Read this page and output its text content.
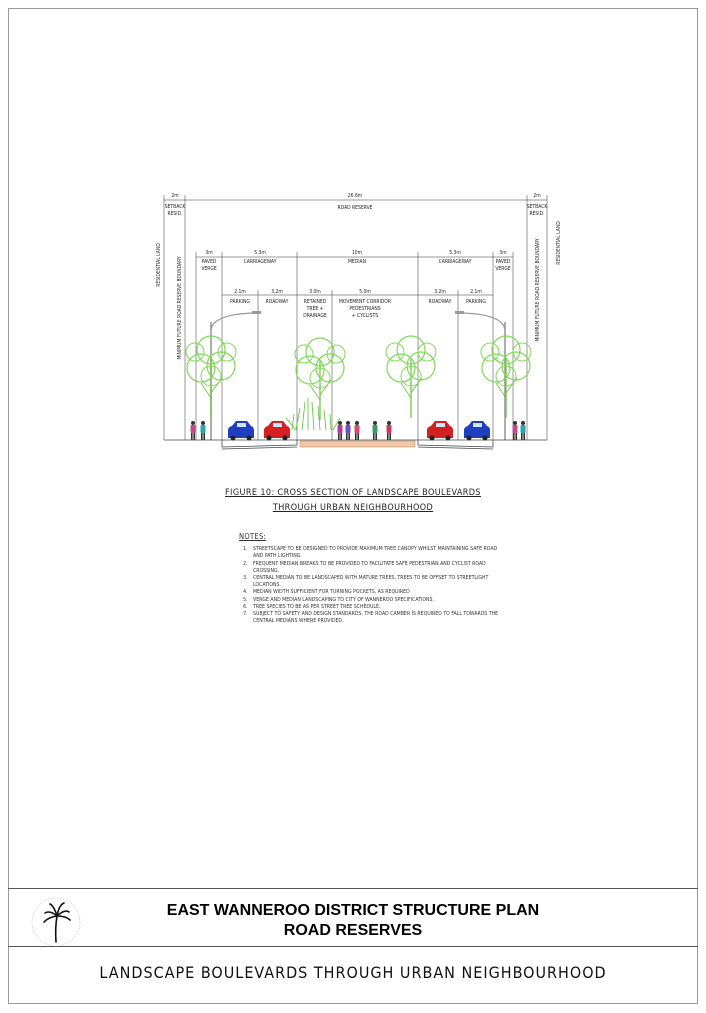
26.6m
ROAD RESERVE
2m
SETBACK
RESID.
2m
SETBACK
RESID.
RESIDENTIAL LAND	MINIMUM FUTURE ROAD RESERVE BOUNDARY
RESIDENTIAL LAND
MINIMUM FUTURE ROAD RESERVE BOUNDARY
3m
PAVED
VERGE
5.3m
CARRIAGEWAY
10m
MEDIAN
5.3m
CARRIAGEWAY
3m
PAVED
VERGE
2.1m
PARKING
3.2m
ROADWAY
3.0m
RETAINED
TREE +
DRAINAGE
5.0m
MOVEMENT CORRIDOR
PEDESTRIANS
+ CYCLISTS
3.2m
ROADWAY
2.1m
PARKING
FIGURE 10: CROSS SECTION OF LANDSCAPE BOULEVARDS
THROUGH URBAN NEIGHBOURHOOD
NOTES:
1. STREETSCAPE TO BE DESIGNED TO PROVIDE MAXIMUM TREE CANOPY WHILST MAINTAINING SAFE ROAD AND PATH LIGHTING.
2. FREQUENT MEDIAN BREAKS TO BE PROVIDED TO FACILITATE SAFE PEDESTRIAN AND CYCLIST ROAD CROSSING.
3. CENTRAL MEDIAN TO BE LANDSCAPED WITH MATURE TREES, TREES TO BE OFFSET TO STREETLIGHT LOCATIONS.
4. MEDIAN WIDTH SUFFICIENT FOR TURNING POCKETS, AS REQUIRED
5. VERGE AND MEDIAN LANDSCAPING TO CITY OF WANNEROO SPECIFICATIONS.
6. TREE SPECIES TO BE AS PER STREET TREE SCHEDULE.
7. SUBJECT TO SAFETY AND DESIGN STANDARDS, THE ROAD CAMBER IS REQUIRED TO FALL TOWARDS THE CENTRAL MEDIANS WHERE PROVIDED.
EAST WANNEROO DISTRICT STRUCTURE PLAN
ROAD RESERVES
LANDSCAPE BOULEVARDS THROUGH URBAN NEIGHBOURHOOD
